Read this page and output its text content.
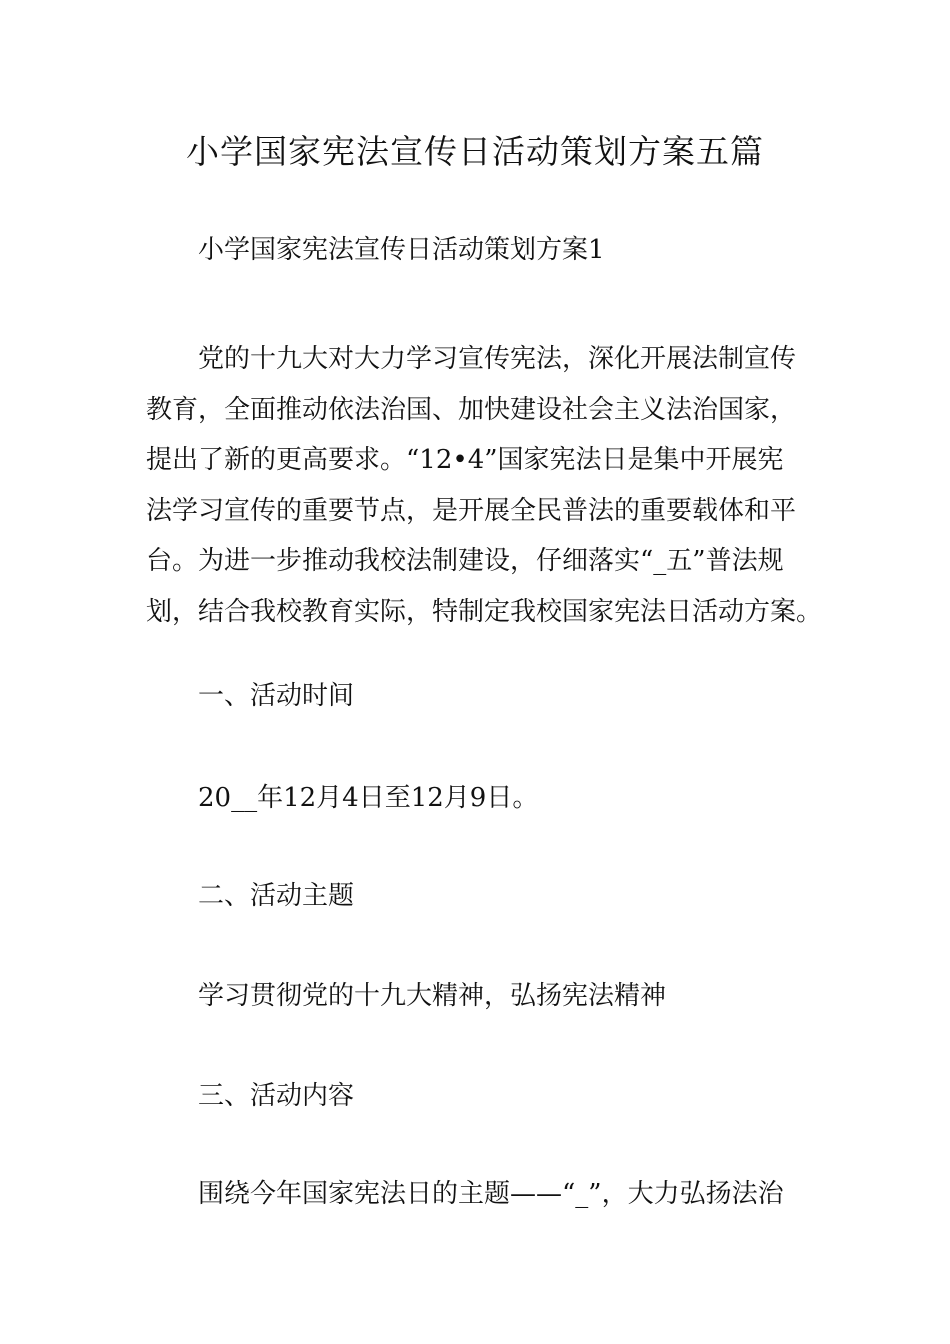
小学国家宪法宣传日活动策划方案五篇

小学国家宪法宣传日活动策划方案1

党的十九大对大力学习宣传宪法，深化开展法制宣传
教育，全面推动依法治国、加快建设社会主义法治国家，
提出了新的更高要求。“12•4”国家宪法日是集中开展宪
法学习宣传的重要节点，是开展全民普法的重要载体和平
台。为进一步推动我校法制建设，仔细落实“_五”普法规
划，结合我校教育实际，特制定我校国家宪法日活动方案。

一、活动时间

20__年12月4日至12月9日。

二、活动主题

学习贯彻党的十九大精神，弘扬宪法精神

三、活动内容

围绕今年国家宪法日的主题——“_”，大力弘扬法治
